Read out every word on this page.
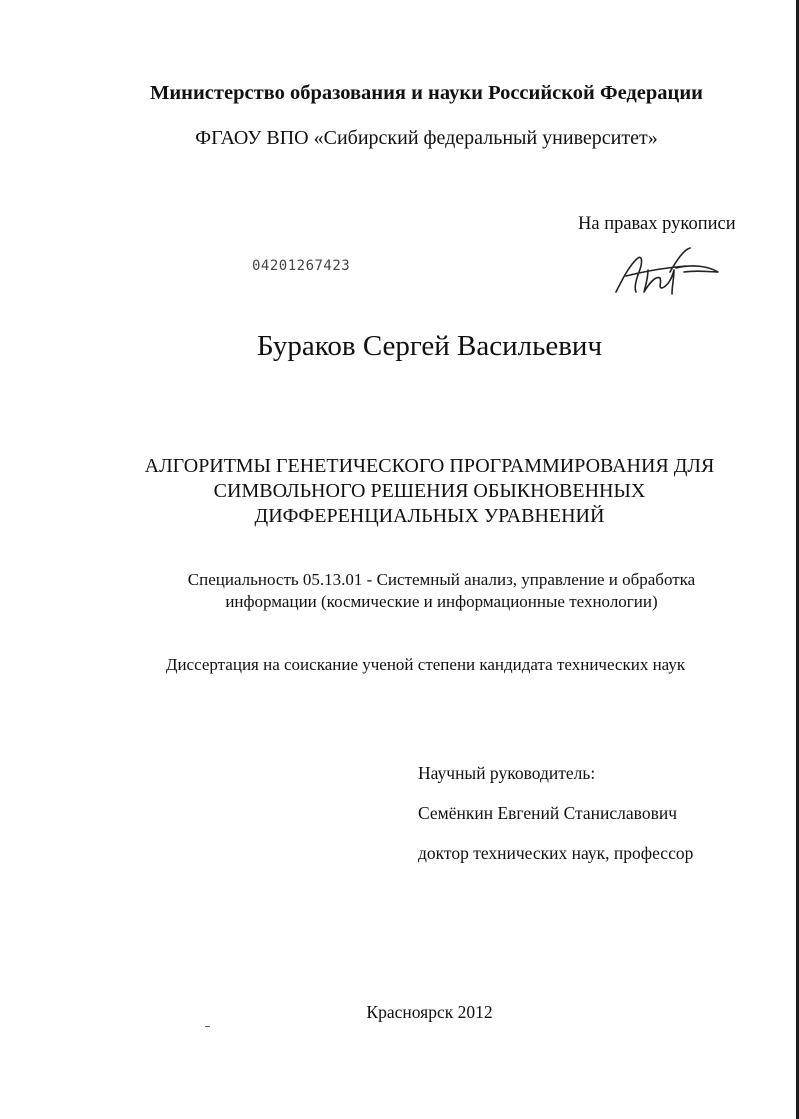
Министерство образования и науки Российской Федерации
ФГАОУ ВПО «Сибирский федеральный университет»
На правах рукописи
04201267423
Бураков Сергей Васильевич
АЛГОРИТМЫ ГЕНЕТИЧЕСКОГО ПРОГРАММИРОВАНИЯ ДЛЯ
СИМВОЛЬНОГО РЕШЕНИЯ ОБЫКНОВЕННЫХ
ДИФФЕРЕНЦИАЛЬНЫХ УРАВНЕНИЙ
Специальность 05.13.01 - Системный анализ, управление и обработка
информации (космические и информационные технологии)
Диссертация на соискание ученой степени кандидата технических наук
Научный руководитель:
Семёнкин Евгений Станиславович
доктор технических наук, профессор
Красноярск 2012
